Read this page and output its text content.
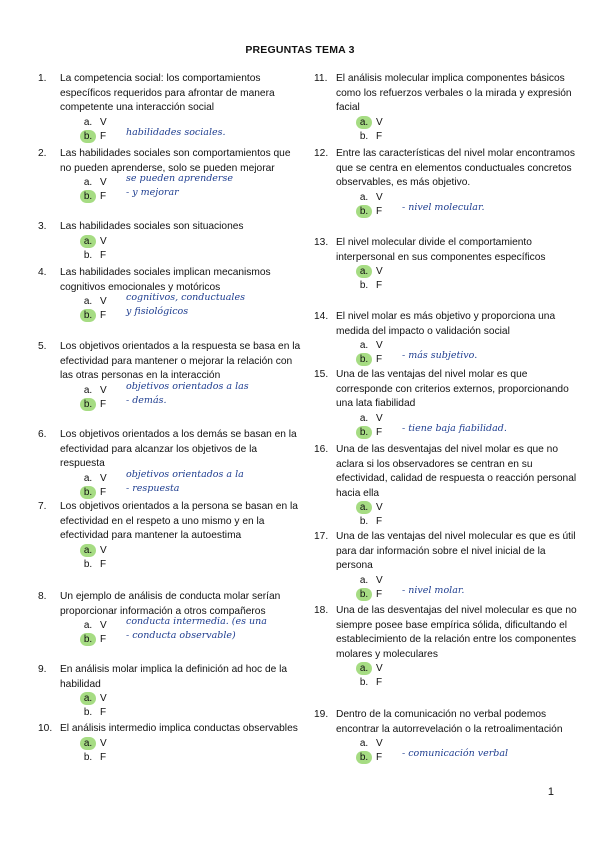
PREGUNTAS TEMA 3
1. La competencia social: los comportamientos específicos requeridos para afrontar de manera competente una interacción social
a. V
b. F habilidades sociales.
2. Las habilidades sociales son comportamientos que no pueden aprenderse, solo se pueden mejorar
a. V se pueden aprenderse
b. F - y mejorar
3. Las habilidades sociales son situaciones
a. V
b. F
4. Las habilidades sociales implican mecanismos cognitivos emocionales y motóricos
a. V cognitivos, conductuales
b. F y fisiológicos
5. Los objetivos orientados a la respuesta se basa en la efectividad para mantener o mejorar la relación con las otras personas en la interacción
a. V objetivos orientados a las
b. F - demás.
6. Los objetivos orientados a los demás se basan en la efectividad para alcanzar los objetivos de la respuesta
a. V objetivos orientados a la
b. F - respuesta
7. Los objetivos orientados a la persona se basan en la efectividad en el respeto a uno mismo y en la efectividad para mantener la autoestima
a. V
b. F
8. Un ejemplo de análisis de conducta molar serían proporcionar información a otros compañeros
a. V conducta intermedia. (es una
b. F - conducta observable)
9. En análisis molar implica la definición ad hoc de la habilidad
a. V
b. F
10. El análisis intermedio implica conductas observables
a. V
b. F
11. El análisis molecular implica componentes básicos como los refuerzos verbales o la mirada y expresión facial
a. V
b. F
12. Entre las características del nivel molar encontramos que se centra en elementos conductuales concretos observables, es más objetivo.
a. V
b. F - nivel molecular.
13. El nivel molecular divide el comportamiento interpersonal en sus componentes específicos
a. V
b. F
14. El nivel molar es más objetivo y proporciona una medida del impacto o validación social
a. V
b. F - más subjetivo.
15. Una de las ventajas del nivel molar es que corresponde con criterios externos, proporcionando una lata fiabilidad
a. V
b. F - tiene baja fiabilidad.
16. Una de las desventajas del nivel molar es que no aclara si los observadores se centran en su efectividad, calidad de respuesta o reacción personal hacia ella
a. V
b. F
17. Una de las ventajas del nivel molecular es que es útil para dar información sobre el nivel inicial de la persona
a. V
b. F - nivel molar.
18. Una de las desventajas del nivel molecular es que no siempre posee base empírica sólida, dificultando el establecimiento de la relación entre los componentes molares y moleculares
a. V
b. F
19. Dentro de la comunicación no verbal podemos encontrar la autorrevelación o la retroalimentación
a. V
b. F - comunicación verbal
1
